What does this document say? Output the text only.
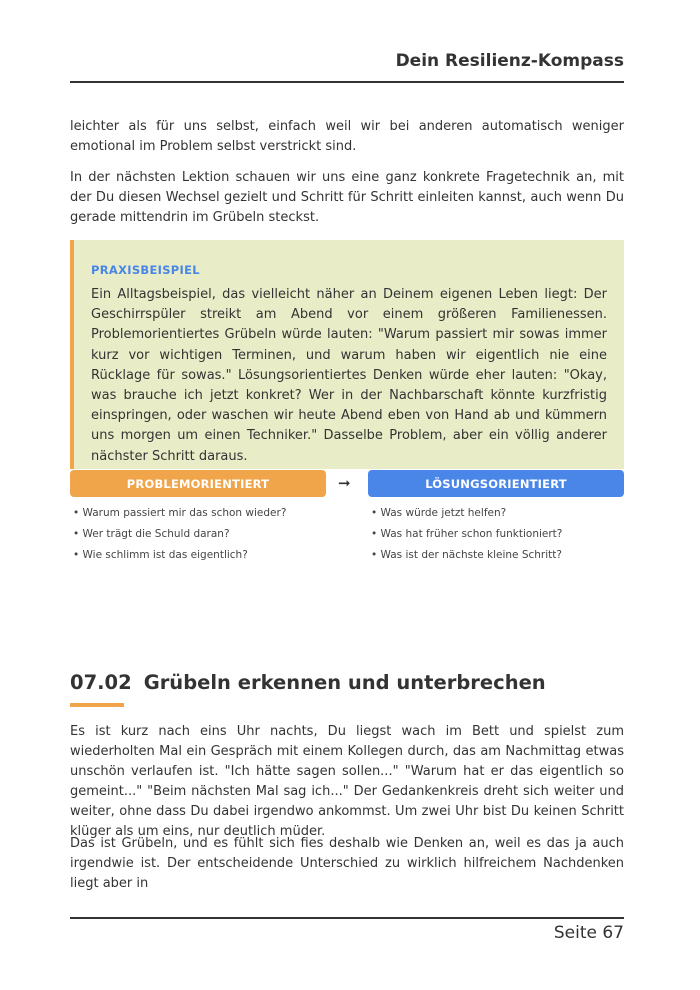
Dein Resilienz-Kompass

leichter als für uns selbst, einfach weil wir bei anderen automatisch weniger emotional im Problem selbst verstrickt sind.

In der nächsten Lektion schauen wir uns eine ganz konkrete Fragetechnik an, mit der Du diesen Wechsel gezielt und Schritt für Schritt einleiten kannst, auch wenn Du gerade mittendrin im Grübeln steckst.

PRAXISBEISPIEL

Ein Alltagsbeispiel, das vielleicht näher an Deinem eigenen Leben liegt: Der Geschirrspüler streikt am Abend vor einem größeren Familienessen. Problemorientiertes Grübeln würde lauten: "Warum passiert mir sowas immer kurz vor wichtigen Terminen, und warum haben wir eigentlich nie eine Rücklage für sowas." Lösungsorientiertes Denken würde eher lauten: "Okay, was brauche ich jetzt konkret? Wer in der Nachbarschaft könnte kurzfristig einspringen, oder waschen wir heute Abend eben von Hand ab und kümmern uns morgen um einen Techniker." Dasselbe Problem, aber ein völlig anderer nächster Schritt daraus.

PROBLEMORIENTIERT	➞	LÖSUNGSORIENTIERT
• Warum passiert mir das schon wieder?
• Wer trägt die Schuld daran?
• Wie schlimm ist das eigentlich?
• Was würde jetzt helfen?
• Was hat früher schon funktioniert?
• Was ist der nächste kleine Schritt?
07.02 Grübeln erkennen und unterbrechen

Es ist kurz nach eins Uhr nachts, Du liegst wach im Bett und spielst zum wiederholten Mal ein Gespräch mit einem Kollegen durch, das am Nachmittag etwas unschön verlaufen ist. "Ich hätte sagen sollen..." "Warum hat er das eigentlich so gemeint..." "Beim nächsten Mal sag ich..." Der Gedankenkreis dreht sich weiter und weiter, ohne dass Du dabei irgendwo ankommst. Um zwei Uhr bist Du keinen Schritt klüger als um eins, nur deutlich müder.

Das ist Grübeln, und es fühlt sich fies deshalb wie Denken an, weil es das ja auch irgendwie ist. Der entscheidende Unterschied zu wirklich hilfreichem Nachdenken liegt aber in

Seite 67
